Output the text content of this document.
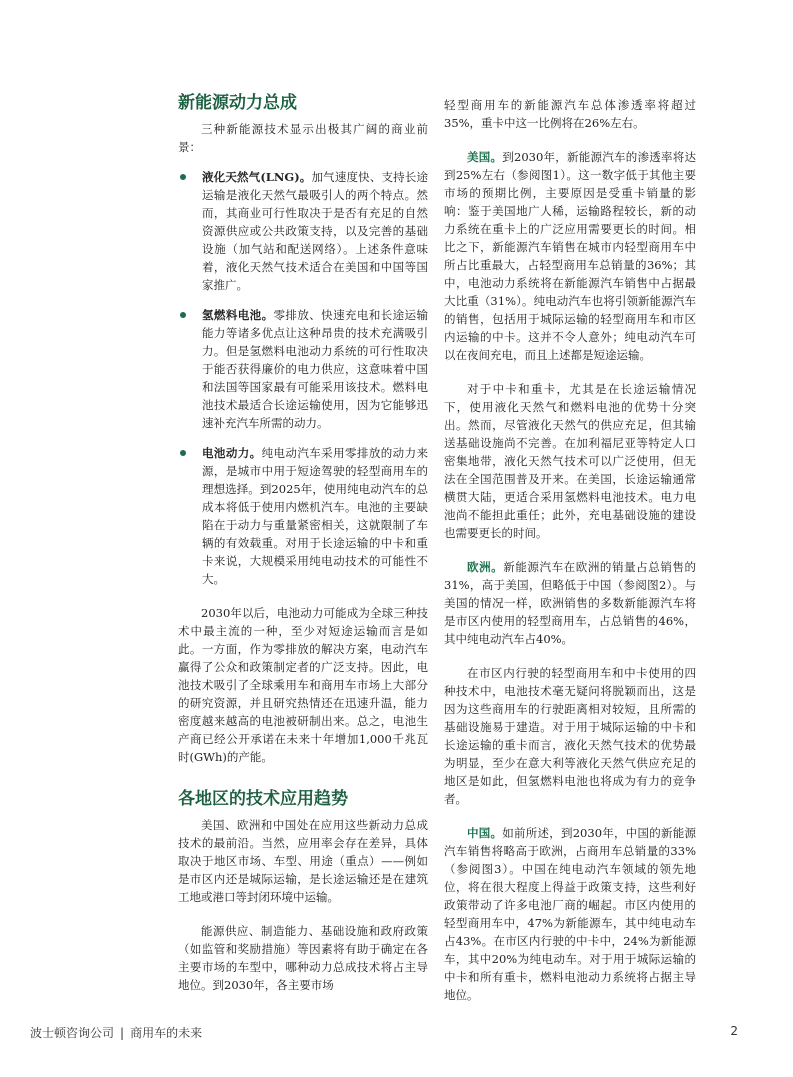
新能源动力总成

三种新能源技术显示出极其广阔的商业前景：

液化天然气(LNG)。加气速度快、支持长途运输是液化天然气最吸引人的两个特点。然而，其商业可行性取决于是否有充足的自然资源供应或公共政策支持，以及完善的基础设施（加气站和配送网络）。上述条件意味着，液化天然气技术适合在美国和中国等国家推广。

氢燃料电池。零排放、快速充电和长途运输能力等诸多优点让这种昂贵的技术充满吸引力。但是氢燃料电池动力系统的可行性取决于能否获得廉价的电力供应，这意味着中国和法国等国家最有可能采用该技术。燃料电池技术最适合长途运输使用，因为它能够迅速补充汽车所需的动力。

电池动力。纯电动汽车采用零排放的动力来源，是城市中用于短途驾驶的轻型商用车的理想选择。到2025年，使用纯电动汽车的总成本将低于使用内燃机汽车。电池的主要缺陷在于动力与重量紧密相关，这就限制了车辆的有效载重。对用于长途运输的中卡和重卡来说，大规模采用纯电动技术的可能性不大。

2030年以后，电池动力可能成为全球三种技术中最主流的一种，至少对短途运输而言是如此。一方面，作为零排放的解决方案，电动汽车赢得了公众和政策制定者的广泛支持。因此，电池技术吸引了全球乘用车和商用车市场上大部分的研究资源，并且研究热情还在迅速升温，能力密度越来越高的电池被研制出来。总之，电池生产商已经公开承诺在未来十年增加1,000千兆瓦时(GWh)的产能。

各地区的技术应用趋势

美国、欧洲和中国处在应用这些新动力总成技术的最前沿。当然，应用率会存在差异，具体取决于地区市场、车型、用途（重点）——例如是市区内还是城际运输，是长途运输还是在建筑工地或港口等封闭环境中运输。

能源供应、制造能力、基础设施和政府政策（如监管和奖励措施）等因素将有助于确定在各主要市场的车型中，哪种动力总成技术将占主导地位。到2030年，各主要市场

轻型商用车的新能源汽车总体渗透率将超过35%，重卡中这一比例将在26%左右。

美国。到2030年，新能源汽车的渗透率将达到25%左右（参阅图1）。这一数字低于其他主要市场的预期比例，主要原因是受重卡销量的影响：鉴于美国地广人稀，运输路程较长，新的动力系统在重卡上的广泛应用需要更长的时间。相比之下，新能源汽车销售在城市内轻型商用车中所占比重最大，占轻型商用车总销量的36%；其中，电池动力系统将在新能源汽车销售中占据最大比重（31%）。纯电动汽车也将引领新能源汽车的销售，包括用于城际运输的轻型商用车和市区内运输的中卡。这并不令人意外；纯电动汽车可以在夜间充电，而且上述都是短途运输。

对于中卡和重卡，尤其是在长途运输情况下，使用液化天然气和燃料电池的优势十分突出。然而，尽管液化天然气的供应充足，但其输送基础设施尚不完善。在加利福尼亚等特定人口密集地带，液化天然气技术可以广泛使用，但无法在全国范围普及开来。在美国，长途运输通常横贯大陆，更适合采用氢燃料电池技术。电力电池尚不能担此重任；此外，充电基础设施的建设也需要更长的时间。

欧洲。新能源汽车在欧洲的销量占总销售的31%，高于美国，但略低于中国（参阅图2）。与美国的情况一样，欧洲销售的多数新能源汽车将是市区内使用的轻型商用车，占总销售的46%，其中纯电动汽车占40%。

在市区内行驶的轻型商用车和中卡使用的四种技术中，电池技术毫无疑问将脱颖而出，这是因为这些商用车的行驶距离相对较短，且所需的基础设施易于建造。对于用于城际运输的中卡和长途运输的重卡而言，液化天然气技术的优势最为明显，至少在意大利等液化天然气供应充足的地区是如此，但氢燃料电池也将成为有力的竞争者。

中国。如前所述，到2030年，中国的新能源汽车销售将略高于欧洲，占商用车总销量的33%（参阅图3）。中国在纯电动汽车领域的领先地位，将在很大程度上得益于政策支持，这些利好政策带动了许多电池厂商的崛起。市区内使用的轻型商用车中，47%为新能源车，其中纯电动车占43%。在市区内行驶的中卡中，24%为新能源车，其中20%为纯电动车。对于用于城际运输的中卡和所有重卡，燃料电池动力系统将占据主导地位。

波士顿咨询公司 | 商用车的未来	2
